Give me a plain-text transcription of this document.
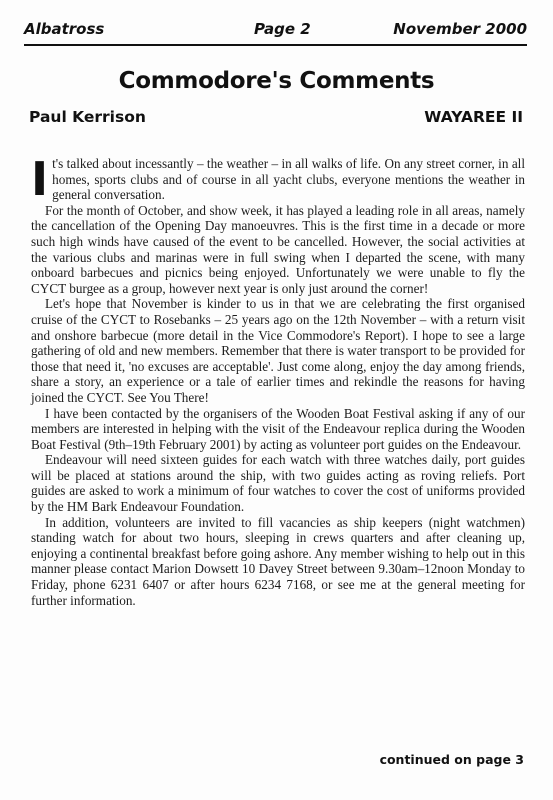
Albatross	Page 2	November 2000
Commodore's Comments
Paul Kerrison	WAYAREE II

It's talked about incessantly – the weather – in all walks of life. On any street corner, in all homes, sports clubs and of course in all yacht clubs, everyone mentions the weather in general conversation.

For the month of October, and show week, it has played a leading role in all areas, namely the cancellation of the Opening Day manoeuvres. This is the first time in a decade or more such high winds have caused of the event to be cancelled. However, the social activities at the various clubs and marinas were in full swing when I departed the scene, with many onboard barbecues and picnics being enjoyed. Unfortunately we were unable to fly the CYCT burgee as a group, however next year is only just around the corner!

Let's hope that November is kinder to us in that we are celebrating the first organised cruise of the CYCT to Rosebanks – 25 years ago on the 12th November – with a return visit and onshore barbecue (more detail in the Vice Commodore's Report). I hope to see a large gathering of old and new members. Remember that there is water transport to be provided for those that need it, 'no excuses are acceptable'. Just come along, enjoy the day among friends, share a story, an experience or a tale of earlier times and rekindle the reasons for having joined the CYCT. See You There!

I have been contacted by the organisers of the Wooden Boat Festival asking if any of our members are interested in helping with the visit of the Endeavour replica during the Wooden Boat Festival (9th–19th February 2001) by acting as volunteer port guides on the Endeavour.

Endeavour will need sixteen guides for each watch with three watches daily, port guides will be placed at stations around the ship, with two guides acting as roving reliefs. Port guides are asked to work a minimum of four watches to cover the cost of uniforms provided by the HM Bark Endeavour Foundation.

In addition, volunteers are invited to fill vacancies as ship keepers (night watchmen) standing watch for about two hours, sleeping in crews quarters and after cleaning up, enjoying a continental breakfast before going ashore. Any member wishing to help out in this manner please contact Marion Dowsett 10 Davey Street between 9.30am–12noon Monday to Friday, phone 6231 6407 or after hours 6234 7168, or see me at the general meeting for further information.

continued on page 3
